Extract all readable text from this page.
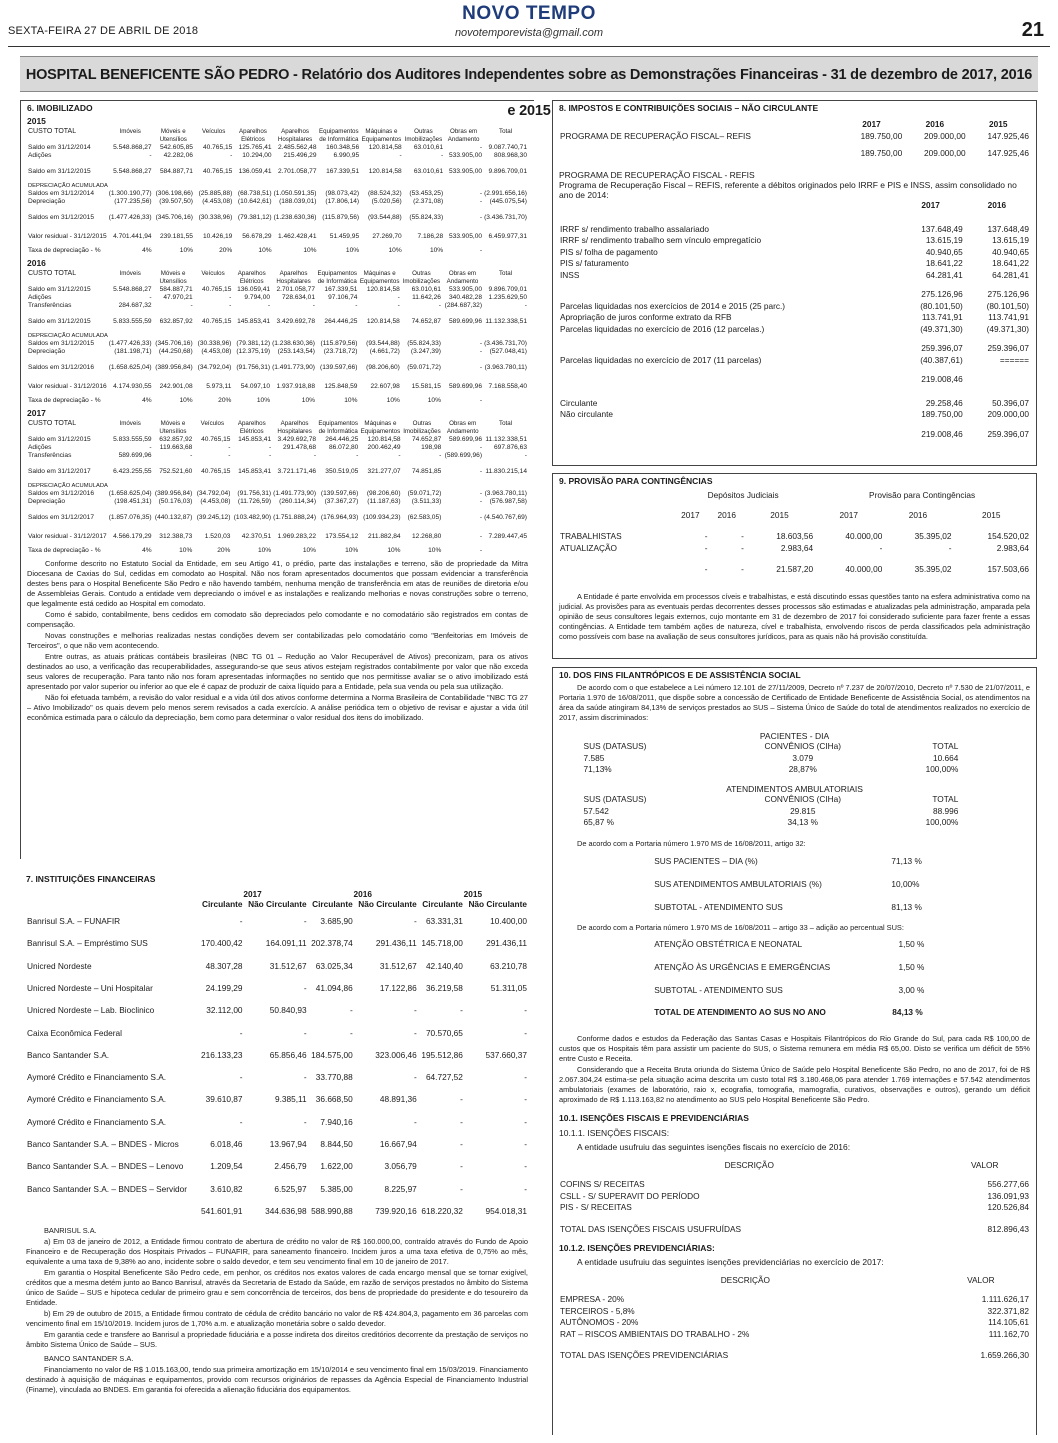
SEXTA-FEIRA 27 DE ABRIL DE 2018
NOVO TEMPO
novotemporevista@gmail.com	21
HOSPITAL BENEFICENTE SÃO PEDRO - Relatório dos Auditores Independentes sobre as Demonstrações Financeiras - 31 de dezembro de 2017, 2016 e 2015
6. IMOBILIZADO
2015
CUSTO TOTAL	Imóveis	Móveis e Utensílios	Veículos	Aparelhos Elétricos	Aparelhos Hospitalares	Equipamentos de Informática	Máquinas e Equipamentos	Outras Imobilizações	Obras em Andamento	Total
Saldo em 31/12/2014	5.548.868,27	542.605,85	40.765,15	125.765,41	2.485.562,48	160.348,56	120.814,58	63.010,61	-	9.087.740,71
Adições	-	42.282,06	-	10.294,00	215.496,29	6.990,95	-	-	533.905,00	808.968,30
Saldo em 31/12/2015	5.548.868,27	584.887,71	40.765,15	136.059,41	2.701.058,77	167.339,51	120.814,58	63.010,61	533.905,00	9.896.709,01
DEPRECIAÇÃO ACUMULADA										
Saldos em 31/12/2014	(1.300.190,77)	(306.198,66)	(25.885,88)	(68.738,51)	(1.050.591,35)	(98.073,42)	(88.524,32)	(53.453,25)	-	(2.991.656,16)
Depreciação	(177.235,56)	(39.507,50)	(4.453,08)	(10.642,61)	(188.039,01)	(17.806,14)	(5.020,56)	(2.371,08)	-	(445.075,54)
Saldos em 31/12/2015	(1.477.426,33)	(345.706,16)	(30.338,96)	(79.381,12)	(1.238.630,36)	(115.879,56)	(93.544,88)	(55.824,33)	-	(3.436.731,70)
Valor residual - 31/12/2015	4.701.441,94	239.181,55	10.426,19	56.678,29	1.462.428,41	51.459,95	27.269,70	7.186,28	533.905,00	6.459.977,31
Taxa de depreciação - %	4%	10%	20%	10%	10%	10%	10%	10%	-	
2016
CUSTO TOTAL	Imóveis	Móveis e Utensílios	Veículos	Aparelhos Elétricos	Aparelhos Hospitalares	Equipamentos de Informática	Máquinas e Equipamentos	Outras Imobilizações	Obras em Andamento	Total
Saldo em 31/12/2015	5.548.868,27	584.887,71	40.765,15	136.059,41	2.701.058,77	167.339,51	120.814,58	63.010,61	533.905,00	9.896.709,01
Adições	-	47.970,21	-	9.794,00	728.634,01	97.106,74	-	11.642,26	340.482,28	1.235.629,50
Transferências	284.687,32	-	-	-	-	-	-	-	(284.687,32)	-
Saldo em 31/12/2015	5.833.555,59	632.857,92	40.765,15	145.853,41	3.429.692,78	264.446,25	120.814,58	74.652,87	589.699,96	11.132.338,51
DEPRECIAÇÃO ACUMULADA										
Saldos em 31/12/2015	(1.477.426,33)	(345.706,16)	(30.338,96)	(79.381,12)	(1.238.630,36)	(115.879,56)	(93.544,88)	(55.824,33)	-	(3.436.731,70)
Depreciação	(181.198,71)	(44.250,68)	(4.453,08)	(12.375,19)	(253.143,54)	(23.718,72)	(4.661,72)	(3.247,39)	-	(527.048,41)
Saldos em 31/12/2016	(1.658.625,04)	(389.956,84)	(34.792,04)	(91.756,31)	(1.491.773,90)	(139.597,66)	(98.206,60)	(59.071,72)	-	(3.963.780,11)
Valor residual - 31/12/2016	4.174.930,55	242.901,08	5.973,11	54.097,10	1.937.918,88	125.848,59	22.607,98	15.581,15	589.699,96	7.168.558,40
Taxa de depreciação - %	4%	10%	20%	10%	10%	10%	10%	10%	-	
2017
CUSTO TOTAL	Imóveis	Móveis e Utensílios	Veículos	Aparelhos Elétricos	Aparelhos Hospitalares	Equipamentos de Informática	Máquinas e Equipamentos	Outras Imobilizações	Obras em Andamento	Total
Saldo em 31/12/2015	5.833.555,59	632.857,92	40.765,15	145.853,41	3.429.692,78	264.446,25	120.814,58	74.652,87	589.699,96	11.132.338,51
Adições	-	119.663,68	-	-	291.478,68	86.072,80	200.462,49	198,98	-	697.876,63
Transferências	589.699,96	-	-	-	-	-	-	-	(589.699,96)	-
Saldo em 31/12/2017	6.423.255,55	752.521,60	40.765,15	145.853,41	3.721.171,46	350.519,05	321.277,07	74.851,85	-	11.830.215,14
DEPRECIAÇÃO ACUMULADA										
Saldos em 31/12/2016	(1.658.625,04)	(389.956,84)	(34.792,04)	(91.756,31)	(1.491.773,90)	(139.597,66)	(98.206,60)	(59.071,72)	-	(3.963.780,11)
Depreciação	(198.451,31)	(50.176,03)	(4.453,08)	(11.726,59)	(260.114,34)	(37.367,27)	(11.187,63)	(3.511,33)	-	(576.987,58)
Saldos em 31/12/2017	(1.857.076,35)	(440.132,87)	(39.245,12)	(103.482,90)	(1.751.888,24)	(176.964,93)	(109.934,23)	(62.583,05)	-	(4.540.767,69)
Valor residual - 31/12/2017	4.566.179,29	312.388,73	1.520,03	42.370,51	1.969.283,22	173.554,12	211.882,84	12.268,80	-	7.289.447,45
Taxa de depreciação - %	4%	10%	20%	10%	10%	10%	10%	10%	-	
Conforme descrito no Estatuto Social da Entidade, em seu Artigo 41, o prédio, parte das instalações e terreno, são de propriedade da Mitra Diocesana de Caxias do Sul, cedidas em comodato ao Hospital. Não nos foram apresentados documentos que possam evidenciar a transferência destes bens para o Hospital Beneficente São Pedro e não havendo também, nenhuma menção de transferência em atas de reuniões de diretoria e/ou de Assembleias Gerais. Contudo a entidade vem depreciando o imóvel e as instalações e realizando melhorias e novas construções sobre o terreno, que legalmente está cedido ao Hospital em comodato.
Como é sabido, contabilmente, bens cedidos em comodato são depreciados pelo comodante e no comodatário são registrados em contas de compensação.
Novas construções e melhorias realizadas nestas condições devem ser contabilizadas pelo comodatário como "Benfeitorias em Imóveis de Terceiros", o que não vem acontecendo.
Entre outras, as atuais práticas contábeis brasileiras (NBC TG 01 – Redução ao Valor Recuperável de Ativos) preconizam, para os ativos destinados ao uso, a verificação das recuperabilidades, assegurando-se que seus ativos estejam registrados contabilmente por valor que não exceda seus valores de recuperação. Para tanto não nos foram apresentadas informações no sentido que nos permitisse avaliar se o ativo imobilizado está apresentado por valor superior ou inferior ao que ele é capaz de produzir de caixa líquido para a Entidade, pela sua venda ou pela sua utilização.
Não foi efetuada também, a revisão do valor residual e a vida útil dos ativos conforme determina a Norma Brasileira de Contabilidade "NBC TG 27 – Ativo Imobilizado" os quais devem pelo menos serem revisados a cada exercício. A análise periódica tem o objetivo de revisar e ajustar a vida útil econômica estimada para o cálculo da depreciação, bem como para determinar o valor residual dos itens do imobilizado.
7. INSTITUIÇÕES FINANCEIRAS
	2017		2016		2015	
	Circulante	Não Circulante	Circulante	Não Circulante	Circulante	Não Circulante
Banrisul S.A. – FUNAFIR	-	-	3.685,90	-	63.331,31	10.400,00
Banrisul S.A. – Empréstimo SUS	170.400,42	164.091,11	202.378,74	291.436,11	145.718,00	291.436,11
Unicred Nordeste	48.307,28	31.512,67	63.025,34	31.512,67	42.140,40	63.210,78
Unicred Nordeste – Uni Hospitalar	24.199,29	-	41.094,86	17.122,86	36.219,58	51.311,05
Unicred Nordeste – Lab. Bioclinico	32.112,00	50.840,93	-	-	-	-
Caixa Econômica Federal	-	-	-	-	70.570,65	-
Banco Santander S.A.	216.133,23	65.856,46	184.575,00	323.006,46	195.512,86	537.660,37
Aymoré Crédito e Financiamento S.A.	-	-	33.770,88	-	64.727,52	-
Aymoré Crédito e Financiamento S.A.	39.610,87	9.385,11	36.668,50	48.891,36	-	-
Aymoré Crédito e Financiamento S.A.	-	-	7.940,16	-	-	-
Banco Santander S.A. – BNDES - Micros	6.018,46	13.967,94	8.844,50	16.667,94	-	-
Banco Santander S.A. – BNDES – Lenovo	1.209,54	2.456,79	1.622,00	3.056,79	-	-
Banco Santander S.A. – BNDES – Servidor	3.610,82	6.525,97	5.385,00	8.225,97	-	-
	541.601,91	344.636,98	588.990,88	739.920,16	618.220,32	954.018,31
BANRISUL S.A.
a) Em 03 de janeiro de 2012, a Entidade firmou contrato de abertura de crédito no valor de R$ 160.000,00, contraído através do Fundo de Apoio Financeiro e de Recuperação dos Hospitais Privados – FUNAFIR, para saneamento financeiro. Incidem juros a uma taxa efetiva de 0,75% ao mês, equivalente a uma taxa de 9,38% ao ano, incidente sobre o saldo devedor, e tem seu vencimento final em 10 de janeiro de 2017.
Em garantia o Hospital Beneficente São Pedro cede, em penhor, os créditos nos exatos valores de cada encargo mensal que se tornar exigível, créditos que a mesma detém junto ao Banco Banrisul, através da Secretaria de Estado da Saúde, em razão de serviços prestados no âmbito do Sistema único de Saúde – SUS e hipoteca cedular de primeiro grau e sem concorrência de terceiros, dos bens de propriedade do presidente e do tesoureiro da Entidade.
b) Em 29 de outubro de 2015, a Entidade firmou contrato de cédula de crédito bancário no valor de R$ 424.804,3, pagamento em 36 parcelas com vencimento final em 15/10/2019. Incidem juros de 1,70% a.m. e atualização monetária sobre o saldo devedor.
Em garantia cede e transfere ao Banrisul a propriedade fiduciária e a posse indireta dos direitos creditórios decorrente da prestação de serviços no âmbito Sistema Único de Saúde – SUS.
BANCO SANTANDER S.A.
Financiamento no valor de R$ 1.015.163,00, tendo sua primeira amortização em 15/10/2014 e seu vencimento final em 15/03/2019. Financiamento destinado à aquisição de máquinas e equipamentos, provido com recursos originários de repasses da Agência Especial de Financiamento Industrial (Finame), vinculada ao BNDES. Em garantia foi oferecida a alienação fiduciária dos equipamentos.
8. IMPOSTOS E CONTRIBUIÇÕES SOCIAIS – NÃO CIRCULANTE
	2017	2016	2015
PROGRAMA DE RECUPERAÇÃO FISCAL– REFIS	189.750,00	209.000,00	147.925,46
	189.750,00	209.000,00	147.925,46
PROGRAMA DE RECUPERAÇÃO FISCAL - REFIS
Programa de Recuperação Fiscal – REFIS, referente a débitos originados pelo IRRF e PIS e INSS, assim consolidado no ano de 2014:
	2017	2016
IRRF s/ rendimento trabalho assalariado	137.648,49	137.648,49
IRRF s/ rendimento trabalho sem vínculo empregatício	13.615,19	13.615,19
PIS s/ folha de pagamento	40.940,65	40.940,65
PIS s/ faturamento	18.641,22	18.641,22
INSS	64.281,41	64.281,41
	275.126,96	275.126,96
Parcelas liquidadas nos exercícios de 2014 e 2015 (25 parc.)	(80.101,50)	(80.101,50)
Apropriação de juros conforme extrato da RFB	113.741,91	113.741,91
Parcelas liquidadas no exercício de 2016 (12 parcelas.)	(49.371,30)	(49.371,30)
	259.396,07	259.396,07
Parcelas liquidadas no exercício de 2017 (11 parcelas)	(40.387,61)	======
	219.008,46	
Circulante	29.258,46	50.396,07
Não circulante	189.750,00	209.000,00
	219.008,46	259.396,07
9. PROVISÃO PARA CONTINGÊNCIAS
	Depósitos Judiciais			Provisão para Contingências		
	2017	2016	2015	2017	2016	2015
TRABALHISTAS	-	-	18.603,56	40.000,00	35.395,02	154.520,02
ATUALIZAÇÃO	-	-	2.983,64	-	-	2.983,64
	-	-	21.587,20	40.000,00	35.395,02	157.503,66
A Entidade é parte envolvida em processos cíveis e trabalhistas, e está discutindo essas questões tanto na esfera administrativa como na judicial. As provisões para as eventuais perdas decorrentes desses processos são estimadas e atualizadas pela administração, amparada pela opinião de seus consultores legais externos, cujo montante em 31 de dezembro de 2017 foi considerado suficiente para fazer frente a essas contingências. A Entidade tem também ações de natureza, cível e trabalhista, envolvendo riscos de perda classificados pela administração como possíveis com base na avaliação de seus consultores jurídicos, para as quais não há provisão constituída.
10. DOS FINS FILANTRÓPICOS E DE ASSISTÊNCIA SOCIAL
De acordo com o que estabelece a Lei número 12.101 de 27/11/2009, Decreto nº 7.237 de 20/07/2010, Decreto nº 7.530 de 21/07/2011, e Portaria 1.970 de 16/08/2011, que dispõe sobre a concessão de Certificado de Entidade Beneficente de Assistência Social, os atendimentos na área da saúde atingiram 84,13% de serviços prestados ao SUS – Sistema Único de Saúde do total de atendimentos realizados no exercício de 2017, assim discriminados:
PACIENTES - DIA
SUS (DATASUS)	CONVÊNIOS (CIHa)	TOTAL
7.585	3.079	10.664
71,13%	28,87%	100,00%
ATENDIMENTOS AMBULATORIAIS
SUS (DATASUS)	CONVÊNIOS (CIHa)	TOTAL
57.542	29.815	88.996
65,87 %	34,13 %	100,00%
De acordo com a Portaria número 1.970 MS de 16/08/2011, artigo 32:
SUS PACIENTES – DIA (%)	71,13 %
SUS ATENDIMENTOS AMBULATORIAIS (%)	10,00%
SUBTOTAL - ATENDIMENTO SUS	81,13 %
De acordo com a Portaria número 1.970 MS de 16/08/2011 – artigo 33 – adição ao percentual SUS:
ATENÇÃO OBSTÉTRICA E NEONATAL	1,50 %
ATENÇÃO ÀS URGÊNCIAS E EMERGÊNCIAS	1,50 %
SUBTOTAL - ATENDIMENTO SUS	3,00 %
TOTAL DE ATENDIMENTO AO SUS NO ANO	84,13 %
Conforme dados e estudos da Federação das Santas Casas e Hospitais Filantrópicos do Rio Grande do Sul, para cada R$ 100,00 de custos que os Hospitais têm para assistir um paciente do SUS, o Sistema remunera em média R$ 65,00. Disto se verifica um déficit de 55% entre Custo e Receita.
Considerando que a Receita Bruta oriunda do Sistema Único de Saúde pelo Hospital Beneficente São Pedro, no ano de 2017, foi de R$ 2.067.304,24 estima-se pela situação acima descrita um custo total R$ 3.180.468,06 para atender 1.769 internações e 57.542 atendimentos ambulatoriais (exames de laboratório, raio x, ecografia, tomografia, mamografia, curativos, observações e outros), gerando um déficit aproximado de R$ 1.113.163,82 no atendimento ao SUS pelo Hospital Beneficente São Pedro.
10.1. ISENÇÕES FISCAIS E PREVIDENCIÁRIAS
10.1.1. ISENÇÕES FISCAIS:
A entidade usufruiu das seguintes isenções fiscais no exercício de 2016:
DESCRIÇÃO	VALOR
COFINS S/ RECEITAS	556.277,66
CSLL - S/ SUPERAVIT DO PERÍODO	136.091,93
PIS - S/ RECEITAS	120.526,84
TOTAL DAS ISENÇÕES FISCAIS USUFRUÍDAS	812.896,43
10.1.2. ISENÇÕES PREVIDENCIÁRIAS:
A entidade usufruiu das seguintes isenções previdenciárias no exercício de 2017:
DESCRIÇÃO	VALOR
EMPRESA - 20%	1.111.626,17
TERCEIROS - 5,8%	322.371,82
AUTÔNOMOS - 20%	114.105,61
RAT – RISCOS AMBIENTAIS DO TRABALHO - 2%	111.162,70
TOTAL DAS ISENÇÕES PREVIDENCIÁRIAS	1.659.266,30
